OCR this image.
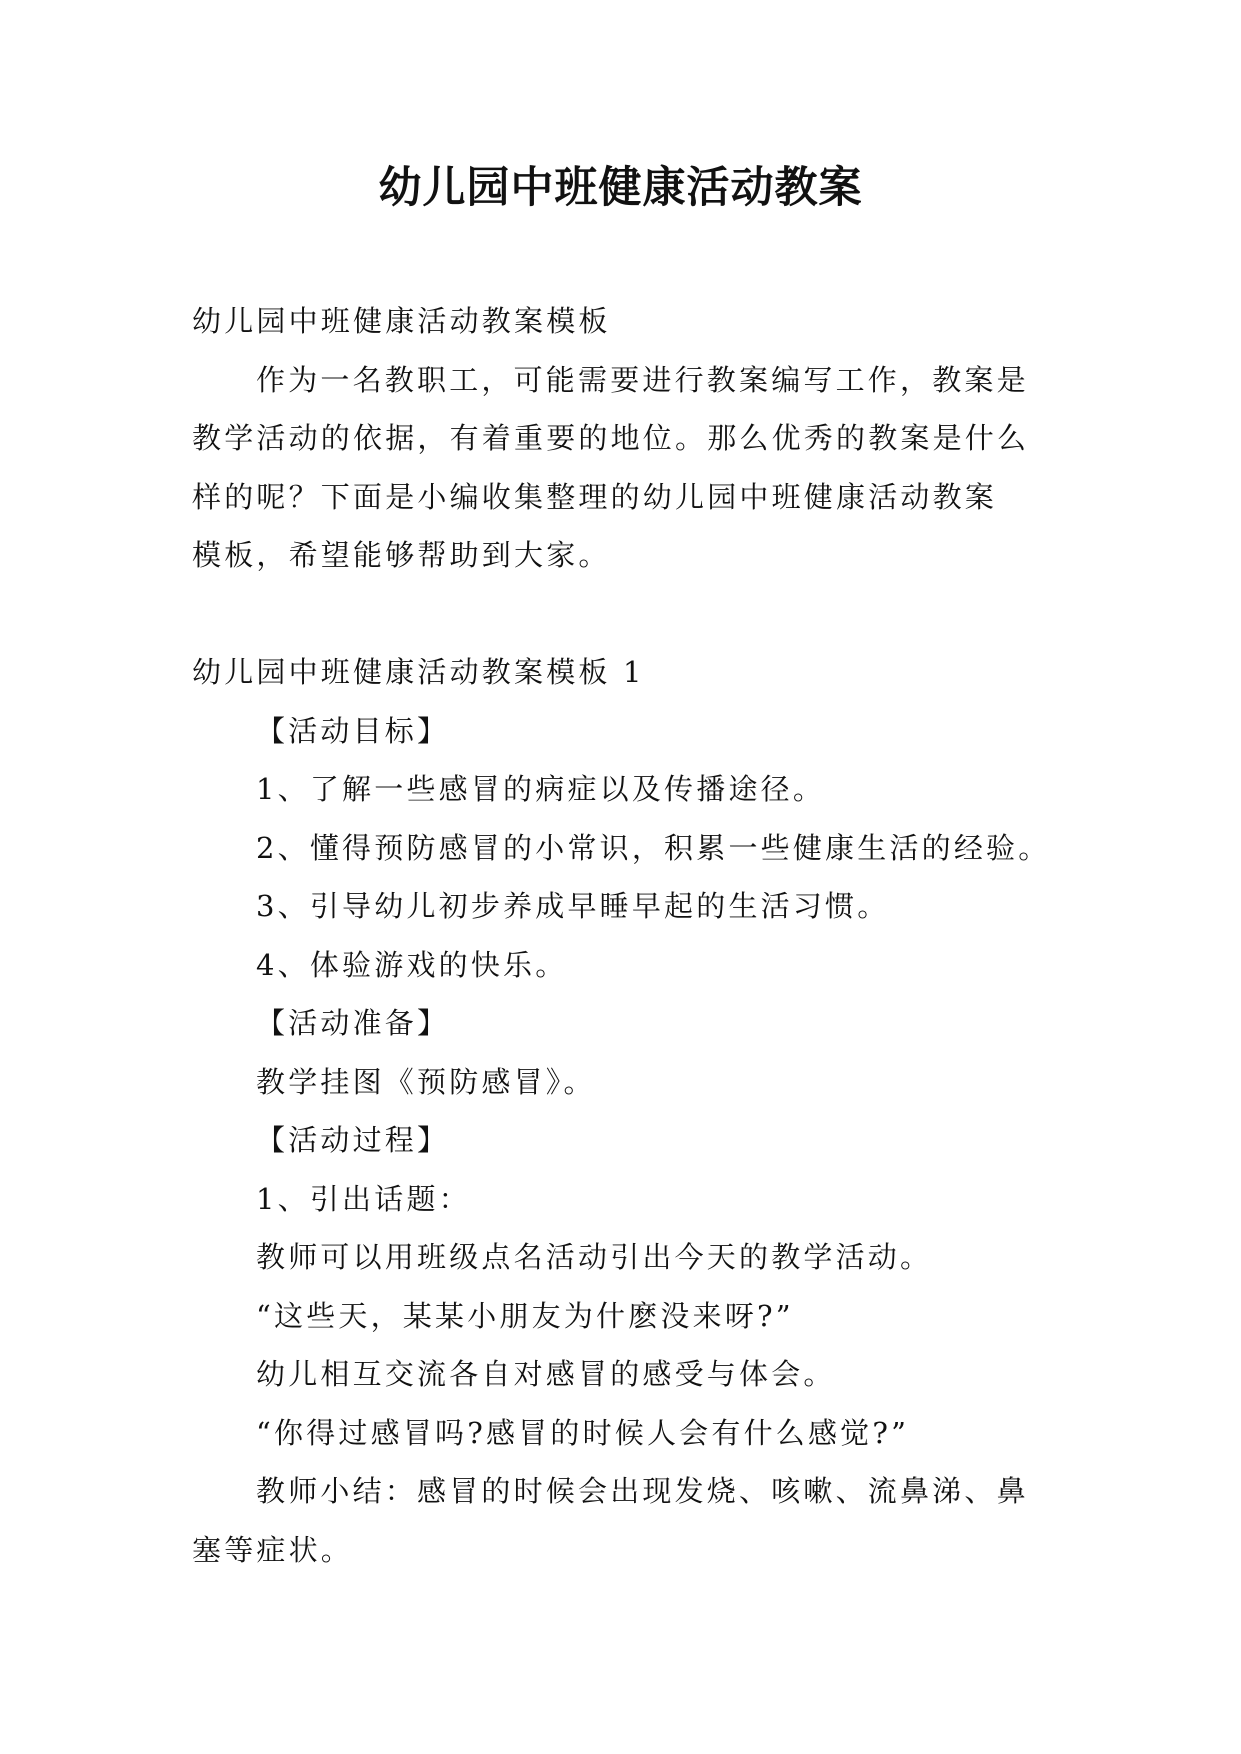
幼儿园中班健康活动教案

幼儿园中班健康活动教案模板

作为一名教职工，可能需要进行教案编写工作，教案是

教学活动的依据，有着重要的地位。那么优秀的教案是什么

样的呢？下面是小编收集整理的幼儿园中班健康活动教案

模板，希望能够帮助到大家。

幼儿园中班健康活动教案模板 1

【活动目标】

1、了解一些感冒的病症以及传播途径。

2、懂得预防感冒的小常识，积累一些健康生活的经验。

3、引导幼儿初步养成早睡早起的生活习惯。

4、体验游戏的快乐。

【活动准备】

教学挂图《预防感冒》。

【活动过程】

1、引出话题：

教师可以用班级点名活动引出今天的教学活动。

“这些天，某某小朋友为什麽没来呀?”

幼儿相互交流各自对感冒的感受与体会。

“你得过感冒吗?感冒的时候人会有什么感觉?”

教师小结：感冒的时候会出现发烧、咳嗽、流鼻涕、鼻

塞等症状。
